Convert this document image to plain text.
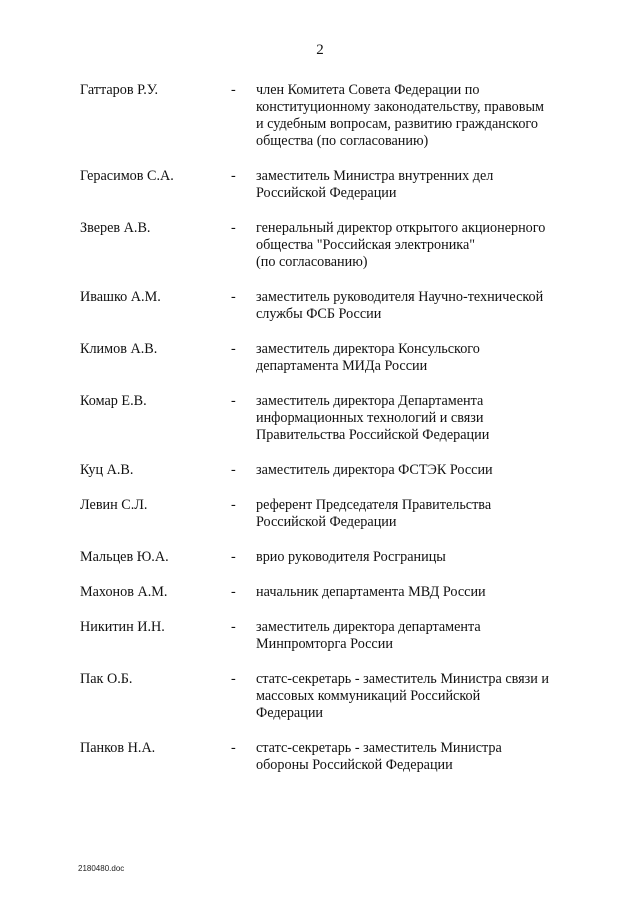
2
Гаттаров Р.У.	- член Комитета Совета Федерации по
конституционному законодательству, правовым
и судебным вопросам, развитию гражданского
общества (по согласованию)
Герасимов С.А.	- заместитель Министра внутренних дел
Российской Федерации
Зверев А.В.	- генеральный директор открытого акционерного
общества "Российская электроника"
(по согласованию)
Ивашко А.М.	- заместитель руководителя Научно-технической
службы ФСБ России
Климов А.В.	- заместитель директора Консульского
департамента МИДа России
Комар Е.В.	- заместитель директора Департамента
информационных технологий и связи
Правительства Российской Федерации
Куц А.В.	- заместитель директора ФСТЭК России
Левин С.Л.	- референт Председателя Правительства
Российской Федерации
Мальцев Ю.А.	- врио руководителя Росграницы
Махонов А.М.	- начальник департамента МВД России
Никитин И.Н.	- заместитель директора департамента
Минпромторга России
Пак О.Б.	- статс-секретарь - заместитель Министра связи и
массовых коммуникаций Российской
Федерации
Панков Н.А.	- статс-секретарь - заместитель Министра
обороны Российской Федерации
2180480.doc
